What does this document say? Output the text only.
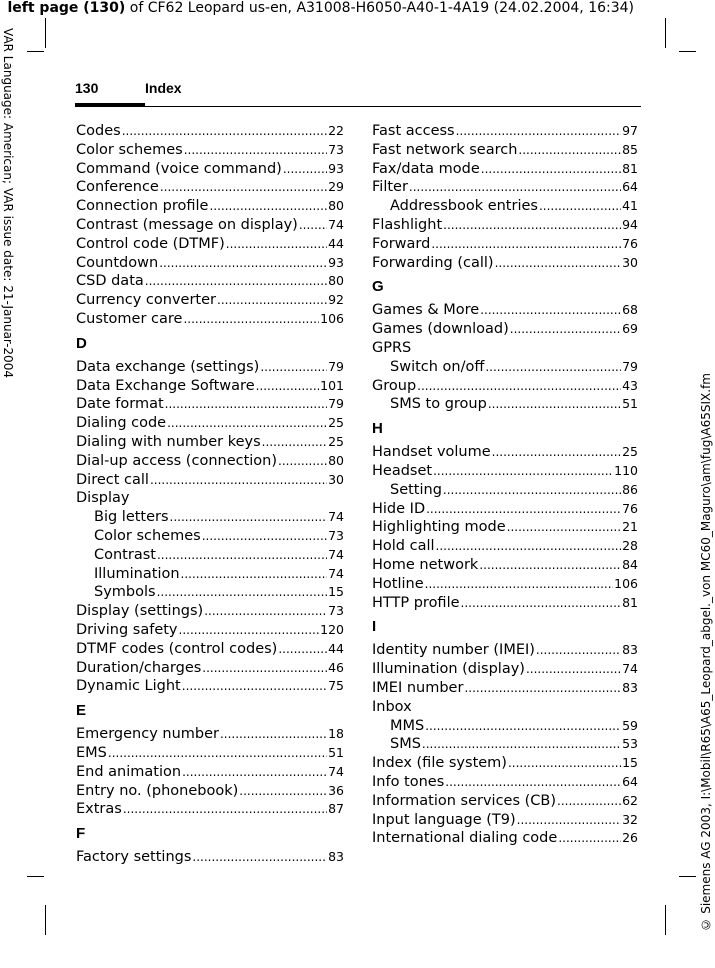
left page (130) of CF62 Leopard us-en, A31008-H6050-A40-1-4A19 (24.02.2004, 16:34)
VAR Language: American; VAR issue date: 21-Januar-2004
© Siemens AG 2003, I:\Mobil\R65\A65_Leopard_abgel._von MC60_Maguro\am\fug\A65SIX.fm
130	Index
Codes .....	22
Color schemes .....	73
Command (voice command) .....	93
Conference .....	29
Connection profile .....	80
Contrast (message on display) ..... 74
Control code (DTMF) .....	44
Countdown .....	93
CSD data .....	80
Currency converter .....	92
Customer care .....	106
D
Data exchange (settings) .....	79
Data Exchange Software .....	101
Date format .....	79
Dialing code .....	25
Dialing with number keys .....	25
Dial-up access (connection) .....	80
Direct call .....	30
Display
Big letters .....	74
Color schemes .....	73
Contrast .....	74
Illumination .....	74
Symbols .....	15
Display (settings) .....	73
Driving safety .....	120
DTMF codes (control codes) .....	44
Duration/charges .....	46
Dynamic Light .....	75
E
Emergency number .....	18
EMS .....	51
End animation .....	74
Entry no. (phonebook) .....	36
Extras .....	87
F
Factory settings .....	83
Fast access .....	97
Fast network search .....	85
Fax/data mode .....	81
Filter .....	64
Addressbook entries .....	41
Flashlight .....	94
Forward .....	76
Forwarding (call) .....	30
G
Games & More .....	68
Games (download) .....	69
GPRS
Switch on/off .....	79
Group .....	43
SMS to group .....	51
H
Handset volume .....	25
Headset .....	110
Setting .....	86
Hide ID .....	76
Highlighting mode .....	21
Hold call .....	28
Home network .....	84
Hotline .....	106
HTTP profile .....	81
I
Identity number (IMEI) .....	83
Illumination (display) .....	74
IMEI number .....	83
Inbox
MMS .....	59
SMS .....	53
Index (file system) .....	15
Info tones .....	64
Information services (CB) .....	62
Input language (T9) .....	32
International dialing code .....	26
